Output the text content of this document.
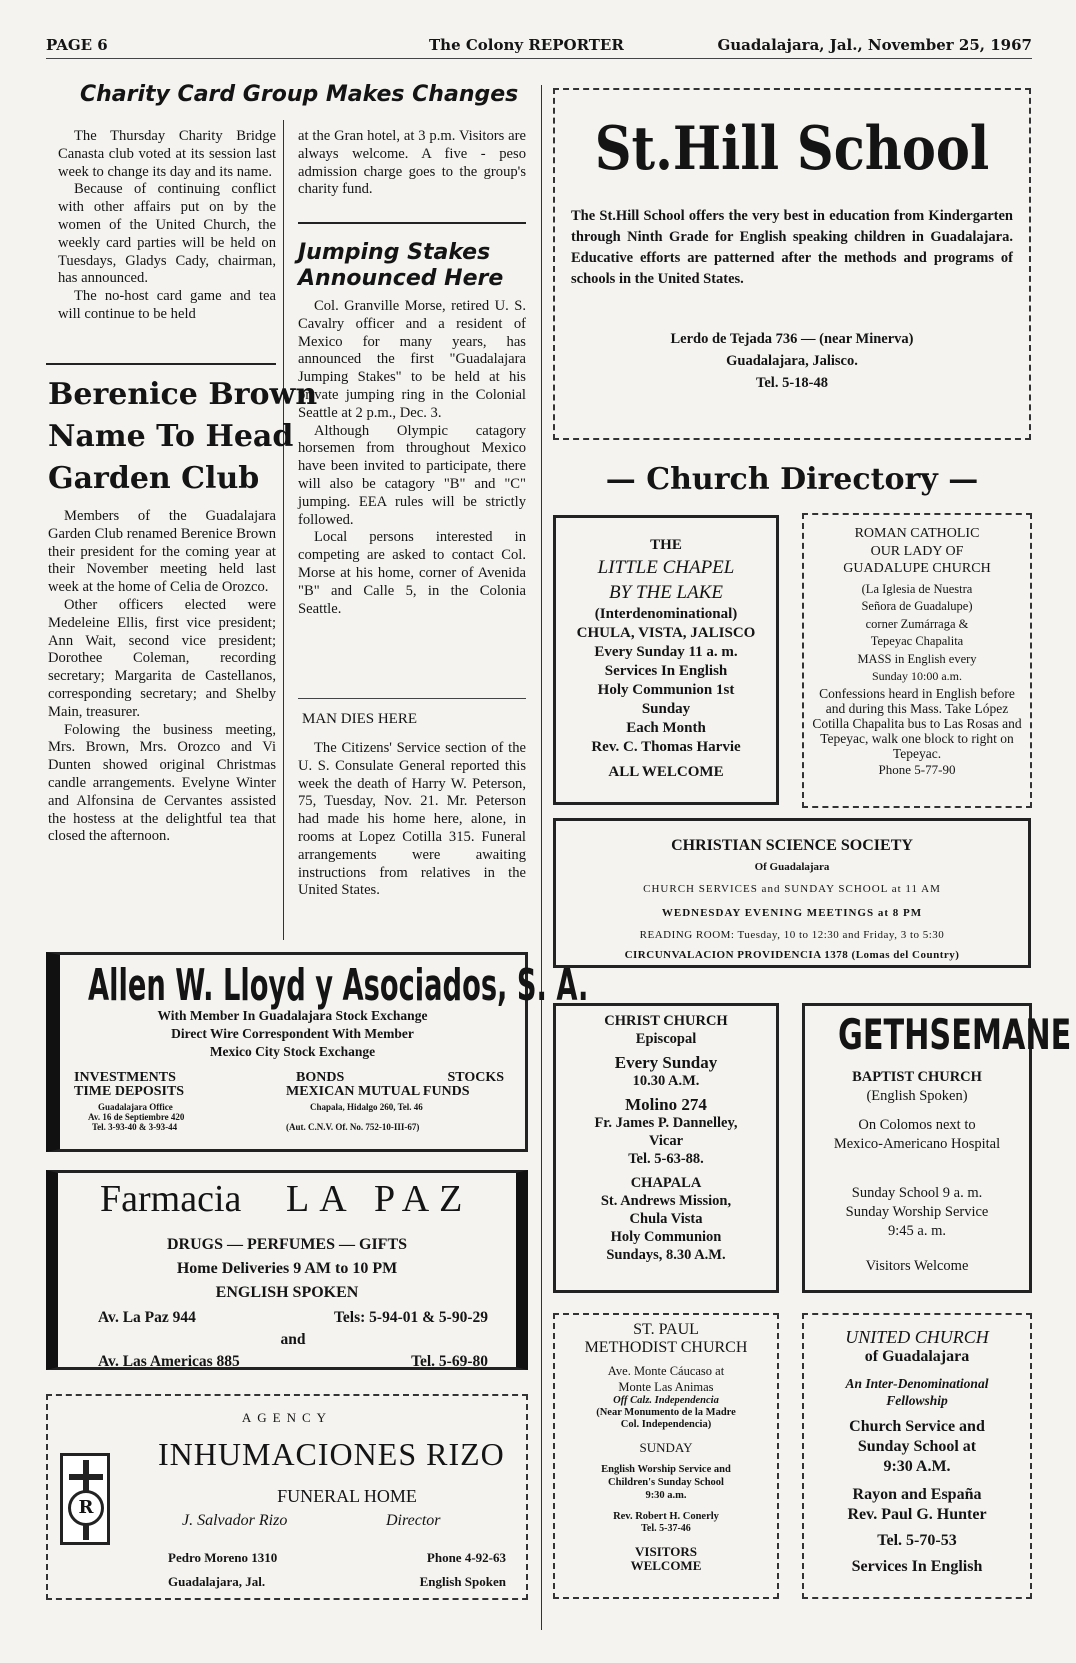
PAGE 6	The Colony REPORTER	Guadalajara, Jal., November 25, 1967
Charity Card Group Makes Changes

The Thursday Charity Bridge Canasta club voted at its session last week to change its day and its name.

Because of continuing conflict with other affairs put on by the women of the United Church, the weekly card parties will be held on Tuesdays, Gladys Cady, chairman, has announced.

The no-host card game and tea will continue to be held

at the Gran hotel, at 3 p.m. Visitors are always welcome. A five - peso admission charge goes to the group's charity fund.

Berenice Brown
Name To Head
Garden Club

Members of the Guadalajara Garden Club renamed Berenice Brown their president for the coming year at their November meeting held last week at the home of Celia de Orozco.

Other officers elected were Medeleine Ellis, first vice president; Ann Wait, second vice president; Dorothee Coleman, recording secretary; Margarita de Castellanos, corresponding secretary; and Shelby Main, treasurer.

Folowing the business meeting, Mrs. Brown, Mrs. Orozco and Vi Dunten showed original Christmas candle arrangements. Evelyne Winter and Alfonsina de Cervantes assisted the hostess at the delightful tea that closed the afternoon.

Jumping Stakes
Announced Here

Col. Granville Morse, retired U. S. Cavalry officer and a resident of Mexico for many years, has announced the first "Guadalajara Jumping Stakes" to be held at his private jumping ring in the Colonial Seattle at 2 p.m., Dec. 3.

Although Olympic catagory horsemen from throughout Mexico have been invited to participate, there will also be catagory "B" and "C" jumping. EEA rules will be strictly followed.

Local persons interested in competing are asked to contact Col. Morse at his home, corner of Avenida "B" and Calle 5, in the Colonia Seattle.

MAN DIES HERE

The Citizens' Service section of the U. S. Consulate General reported this week the death of Harry W. Peterson, 75, Tuesday, Nov. 21. Mr. Peterson had made his home here, alone, in rooms at Lopez Cotilla 315. Funeral arrangements were awaiting instructions from relatives in the United States.

St.Hill School
The St.Hill School offers the very best in education from Kindergarten through Ninth Grade for English speaking children in Guadalajara. Educative efforts are patterned after the methods and programs of schools in the United States.
Lerdo de Tejada 736 — (near Minerva)
Guadalajara, Jalisco.
Tel. 5-18-48
— Church Directory —
THE
LITTLE CHAPEL
BY THE LAKE
(Interdenominational)
CHULA, VISTA, JALISCO
Every Sunday 11 a. m.
Services In English
Holy Communion 1st
Sunday
Each Month
Rev. C. Thomas Harvie
ALL WELCOME
ROMAN CATHOLIC
OUR LADY OF
GUADALUPE CHURCH
(La Iglesia de Nuestra
Señora de Guadalupe)
corner Zumárraga &
Tepeyac Chapalita
MASS in English every
Sunday 10:00 a.m.
Confessions heard in English before and during this Mass. Take López Cotilla Chapalita bus to Las Rosas and Tepeyac, walk one block to right on Tepeyac.
Phone 5-77-90
CHRISTIAN SCIENCE SOCIETY
Of Guadalajara
CHURCH SERVICES and SUNDAY SCHOOL at 11 AM
WEDNESDAY EVENING MEETINGS at 8 PM
READING ROOM: Tuesday, 10 to 12:30 and Friday, 3 to 5:30
CIRCUNVALACION PROVIDENCIA 1378 (Lomas del Country)
CHRIST CHURCH
Episcopal
Every Sunday
10.30 A.M.
Molino 274
Fr. James P. Dannelley,
Vicar
Tel. 5-63-88.
CHAPALA
St. Andrews Mission,
Chula Vista
Holy Communion
Sundays, 8.30 A.M.
GETHSEMANE
BAPTIST CHURCH
(English Spoken)
On Colomos next to
Mexico-Americano Hospital
Sunday School 9 a. m.
Sunday Worship Service
9:45 a. m.
Visitors Welcome
ST. PAUL
METHODIST CHURCH
Ave. Monte Cáucaso at
Monte Las Animas
Off Calz. Independencia
(Near Monumento de la Madre
Col. Independencia)
SUNDAY
English Worship Service and
Children's Sunday School
9:30 a.m.
Rev. Robert H. Conerly
Tel. 5-37-46
VISITORS
WELCOME
UNITED CHURCH
of Guadalajara
An Inter-Denominational
Fellowship
Church Service and
Sunday School at
9:30 A.M.
Rayon and España
Rev. Paul G. Hunter
Tel. 5-70-53
Services In English
Allen W. Lloyd y Asociados, S. A.
With Member In Guadalajara Stock Exchange
Direct Wire Correspondent With Member
Mexico City Stock Exchange
INVESTMENTS
TIME DEPOSITS
Guadalajara Office
Av. 16 de Septiembre 420
Tel. 3-93-40 & 3-93-44
BONDS	STOCKS
MEXICAN MUTUAL FUNDS
Chapala, Hidalgo 260, Tel. 46
(Aut. C.N.V. Of. No. 752-10-III-67)
Farmacia LA PAZ
DRUGS — PERFUMES — GIFTS
Home Deliveries 9 AM to 10 PM
ENGLISH SPOKEN
Av. La Paz 944	Tels: 5-94-01 & 5-90-29
and
Av. Las Americas 885	Tel. 5-69-80
AGENCY
INHUMACIONES RIZO
FUNERAL HOME
J. Salvador Rizo	Director
Pedro Moreno 1310	Phone 4-92-63
Guadalajara, Jal.	English Spoken
R
